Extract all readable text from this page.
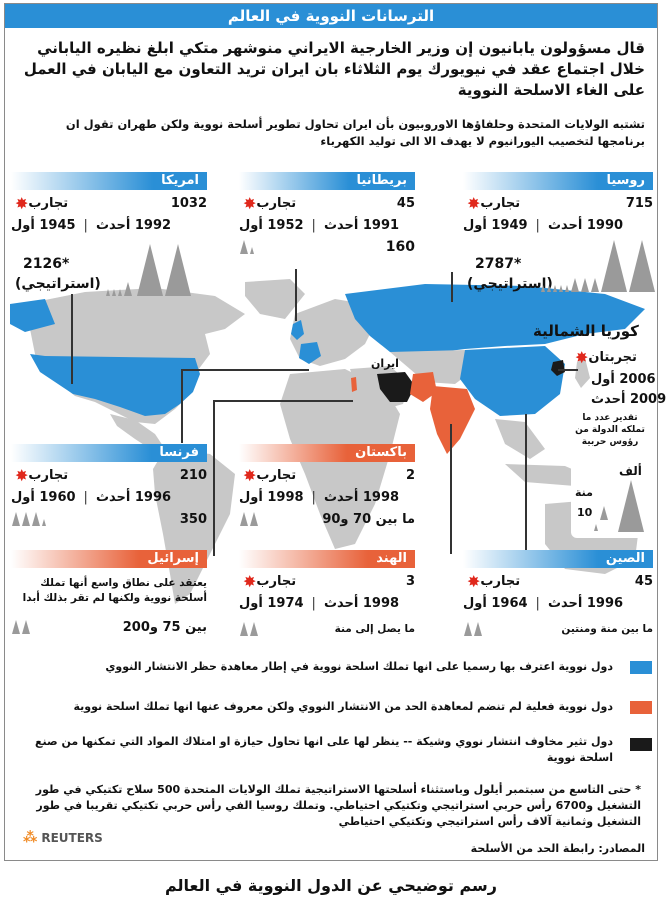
الترسانات النووية في العالم
قال مسؤولون يابانيون إن وزير الخارجية الايراني منوشهر متكي ابلغ نظيره الياباني خلال اجتماع عقد في نيويورك يوم الثلاثاء بان ايران تريد التعاون مع اليابان في العمل على الغاء الاسلحة النووية
تشتبه الولايات المتحدة وحلفاؤها الاوروبيون بأن ايران تحاول تطوير أسلحة نووية ولكن طهران تقول ان برنامجها لتخصيب اليورانيوم لا يهدف الا الى توليد الكهرباء
ايران
امريكا
✸ تجارب	1032
أول
1945 | أحدث
1992
2126*
(استراتيجي)
بريطانيا
✸ تجارب	45
أول
1952 | أحدث
1991
160
روسيا
✸ تجارب	715
أول
1949 | أحدث
1990
2787*
(استراتيجي)
كوريا الشمالية
✸ تجربتان
أول
2006
أحدث
2009
تقدير عدد ما تملكه الدولة من رؤوس حربية
ألف
منة
10
فرنسا
✸ تجارب	210
أول
1960 | أحدث
1996
350
باكستان
✸ تجارب	2
أول
1998 | أحدث
1998
ما بين 70 و90
إسرائيل
يعتقد على نطاق واسع أنها تملك أسلحة نووية ولكنها لم تقر بذلك أبدا
بين 75 و200
الهند
✸ تجارب	3
أول
1974 | أحدث
1998
ما يصل إلى منة
الصين
✸ تجارب	45
أول
1964 | أحدث
1996
ما بين منة ومنتين
دول نووية اعترف بها رسميا على انها تملك اسلحة نووية في إطار معاهدة حظر الانتشار النووي
دول نووية فعلية لم تنضم لمعاهدة الحد من الانتشار النووي ولكن معروف عنها انها تملك اسلحة نووية
دول تثير مخاوف انتشار نووي وشيكة -- ينظر لها على انها تحاول حيازة او امتلاك المواد التي تمكنها من صنع اسلحة نووية
* حتى التاسع من سبتمبر أيلول وباستثناء أسلحتها الاستراتيجية تملك الولايات المتحدة 500 سلاح تكتيكي في طور التشغيل و6700 رأس حربي استراتيجي وتكتيكي احتياطي. وتملك روسيا الفي رأس حربي تكتيكي تقريبا في طور التشغيل وثمانية آلاف رأس استراتيجي وتكتيكي احتياطي
المصادر: رابطة الحد من الأسلحة
⁂ REUTERS
رسم توضيحي عن الدول النووية في العالم
